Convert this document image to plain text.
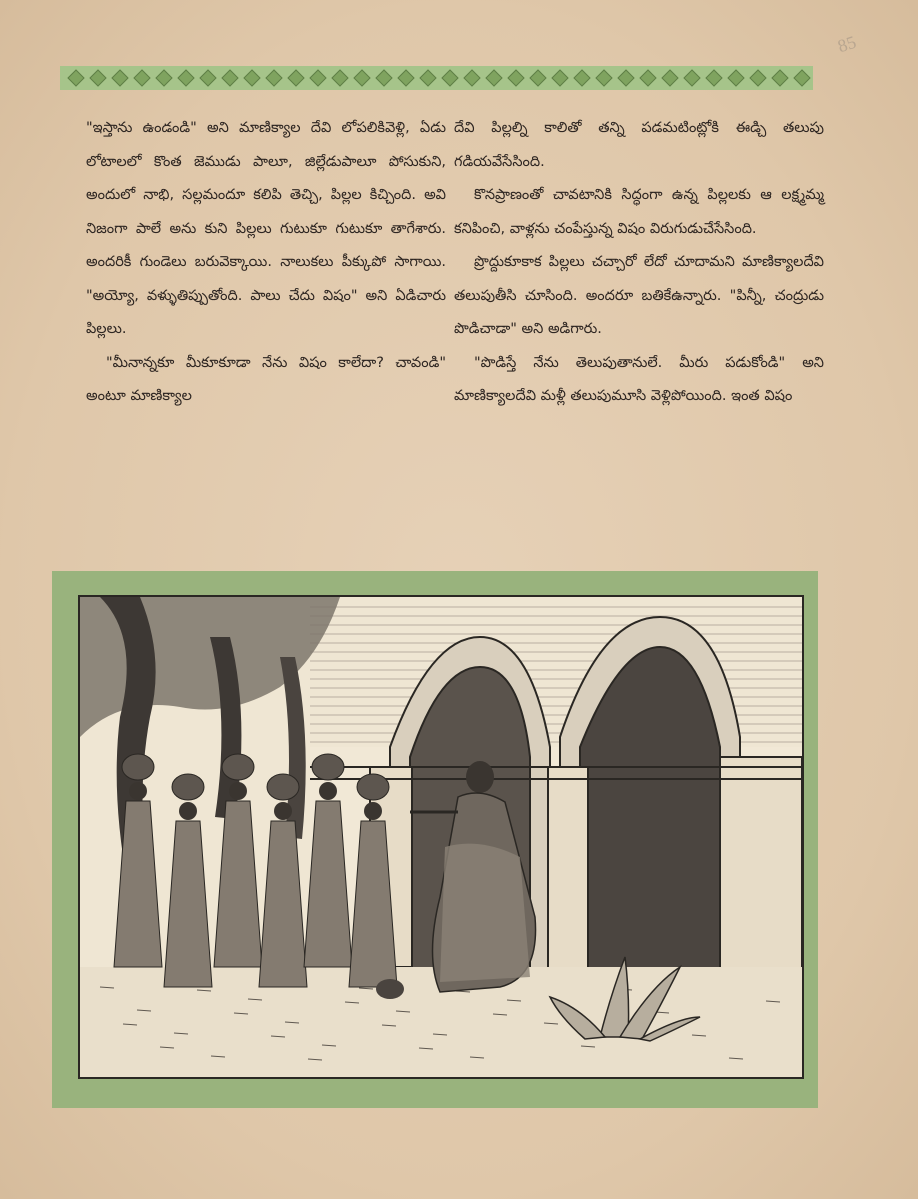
85

"ఇస్తాను ఉండండి" అని మాణిక్యాల దేవి లోపలికివెళ్లి, ఏడు లోటాలలో కొంత జెముడు పాలూ, జిల్లేడుపాలూ పోసుకుని, అందులో నాభి, సల్లమందూ కలిపి తెచ్చి, పిల్లల కిచ్చింది. అవి నిజంగా పాలే అను కుని పిల్లలు గుటుకూ గుటుకూ తాగేశారు. అందరికీ గుండెలు బరువెక్కాయి. నాలుకలు పీక్కుపో సాగాయి. "అయ్యో, వళ్ళుతిప్పుతోంది. పాలు చేదు విషం" అని ఏడిచారు పిల్లలు.

"మీనాన్నకూ మీకూకూడా నేను విషం కాలేదా? చావండి" అంటూ మాణిక్యాల

దేవి పిల్లల్ని కాలితో తన్ని పడమటింట్లోకి ఈడ్చి తలుపు గడియవేసేసింది.

కొనప్రాణంతో చావటానికి సిద్ధంగా ఉన్న పిల్లలకు ఆ లక్ష్మమ్మ కనిపించి, వాళ్లను చంపేస్తున్న విషం విరుగుడుచేసేసింది.

ప్రొద్దుకూకాక పిల్లలు చచ్చారో లేదో చూదామని మాణిక్యాలదేవి తలుపుతీసి చూసింది. అందరూ బతికేఉన్నారు. "పిన్నీ, చంద్రుడు పొడిచాడా" అని అడిగారు.

"పొడిస్తే నేను తెలుపుతానులే. మీరు పడుకోండి" అని మాణిక్యాలదేవి మళ్లీ తలుపుమూసి వెళ్లిపోయింది. ఇంత విషం
